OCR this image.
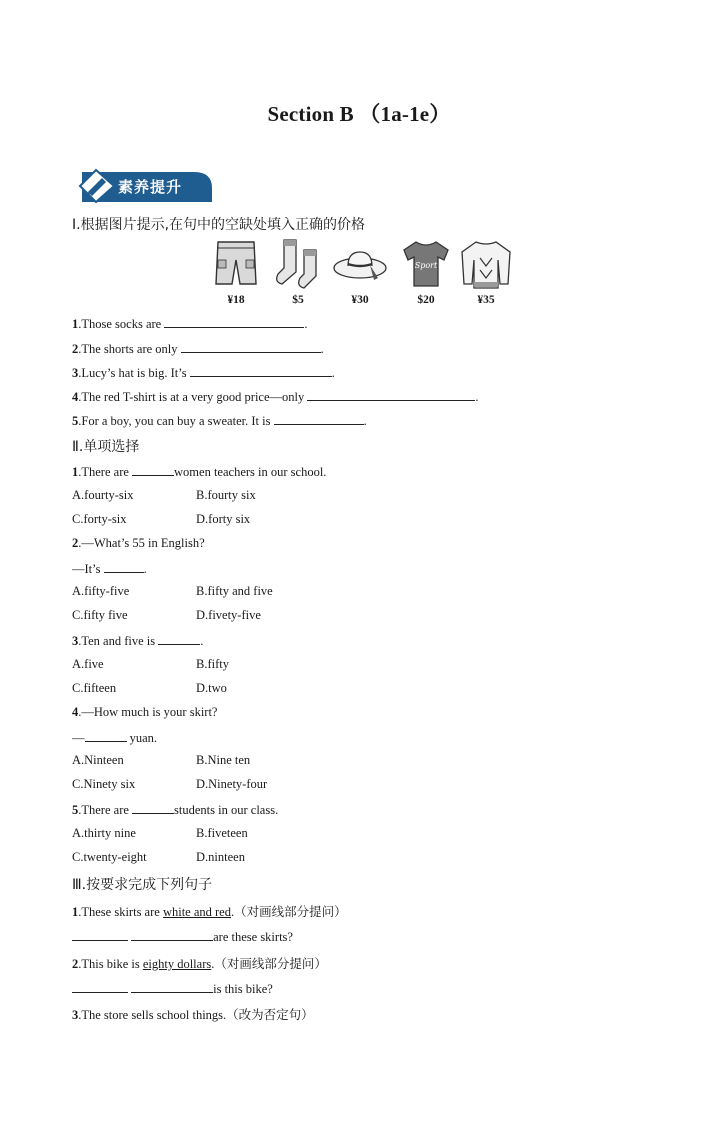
Section B （1a-1e）
素养提升
Ⅰ.根据图片提示,在句中的空缺处填入正确的价格
Sport
¥18	$5	¥30	$20	¥35
1.Those socks are	.
2.The shorts are only	.
3.Lucy’s hat is big. It’s	.
4.The red T-shirt is at a very good price—only	.
5.For a boy, you can buy a sweater. It is	.
Ⅱ.单项选择
1.There are	women teachers in our school.
A.fourty-six	B.fourty six
C.forty-six	D.forty six
2.—What’s 55 in English?
—It’s	.
A.fifty-five	B.fifty and five
C.fifty five	D.fivety-five
3.Ten and five is	.
A.five	B.fifty
C.fifteen	D.two
4.—How much is your skirt?
—	yuan.
A.Ninteen	B.Nine ten
C.Ninety six	D.Ninety-four
5.There are	students in our class.
A.thirty nine	B.fiveteen
C.twenty-eight	D.ninteen
Ⅲ.按要求完成下列句子
1.These skirts are white and red.（对画线部分提问）
are these skirts?
2.This bike is eighty dollars.（对画线部分提问）
is this bike?
3.The store sells school things.（改为否定句）
